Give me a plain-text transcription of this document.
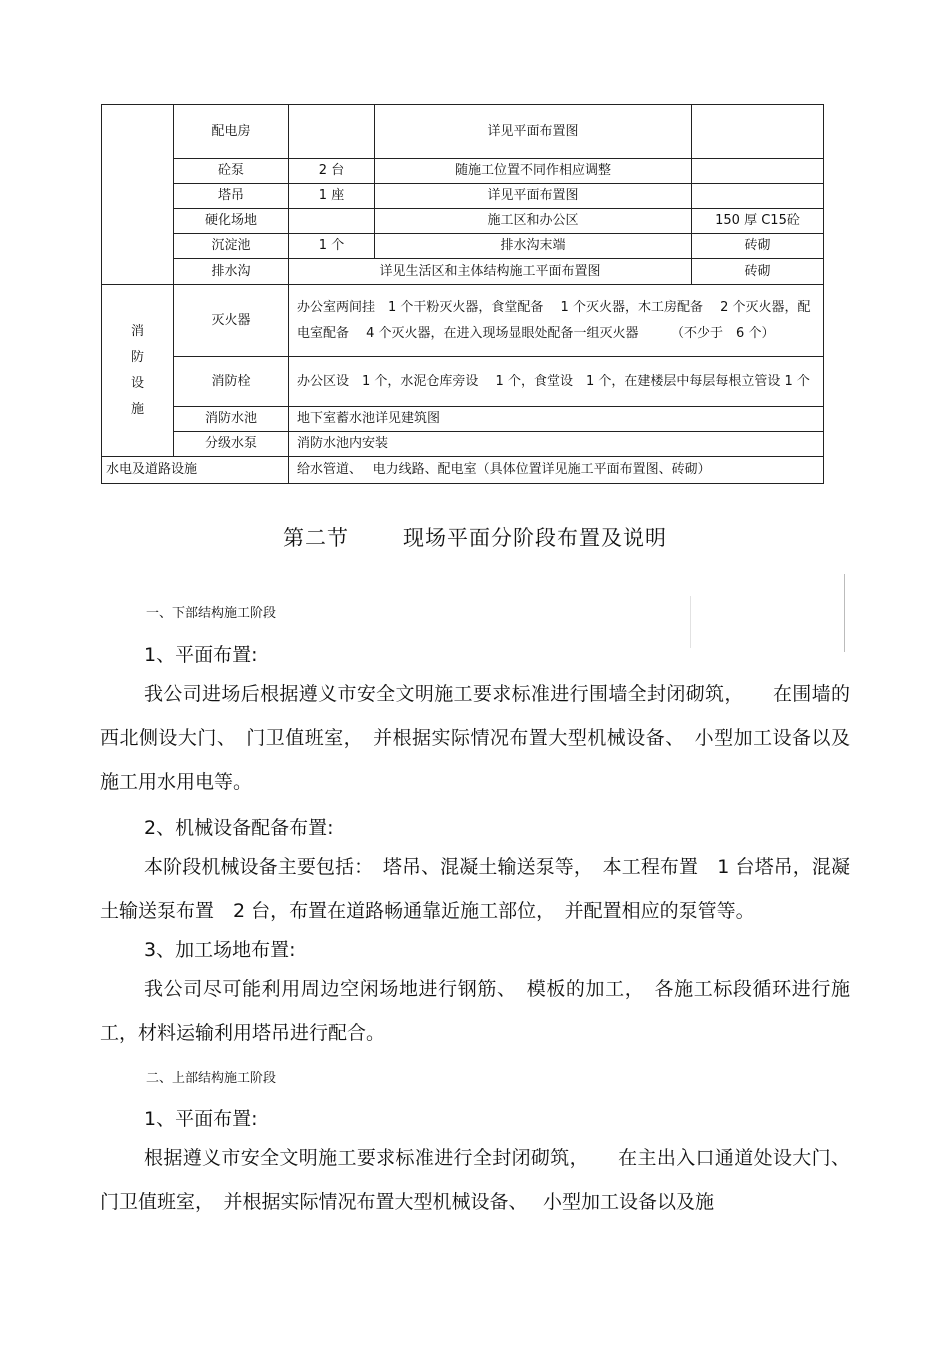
	配电房		详见平面布置图	
	砼泵	2 台	随施工位置不同作相应调整	
	塔吊	1 座	详见平面布置图	
	硬化场地		施工区和办公区	150 厚 C15砼
	沉淀池	1 个	排水沟末端	砖砌
	排水沟	详见生活区和主体结构施工平面布置图		砖砌

消
防
设
施	灭火器	办公室两间挂　1 个干粉灭火器，食堂配备　 1 个灭火器，木工房配备　 2 个灭火器，配电室配备　 4 个灭火器，在进入现场显眼处配备一组灭火器　　　（不少于　6 个）		
	消防栓	办公区设　1 个，水泥仓库旁设　 1 个，食堂设　1 个，在建楼层中每层每根立管设 1 个		
	消防水池	地下室蓄水池详见建筑图		
	分级水泵	消防水池内安装		
水电及道路设施		给水管道、　 电力线路、配电室（具体位置详见施工平面布置图、砖砌）		
第二节	现场平面分阶段布置及说明
一、下部结构施工阶段
1、平面布置:
我公司进场后根据遵义市安全文明施工要求标准进行围墙全封闭砌筑，　　在围墙的西北侧设大门、　门卫值班室，　并根据实际情况布置大型机械设备、　小型加工设备以及施工用水用电等。
2、机械设备配备布置:
本阶段机械设备主要包括：　塔吊、混凝土输送泵等，　本工程布置　1 台塔吊，混凝土输送泵布置　2 台，布置在道路畅通靠近施工部位，　并配置相应的泵管等。
3、加工场地布置:
我公司尽可能利用周边空闲场地进行钢筋、　模板的加工，　各施工标段循环进行施工，材料运输利用塔吊进行配合。
二、上部结构施工阶段
1、平面布置:
根据遵义市安全文明施工要求标准进行全封闭砌筑，　　在主出入口通道处设大门、门卫值班室，　并根据实际情况布置大型机械设备、　 小型加工设备以及施
